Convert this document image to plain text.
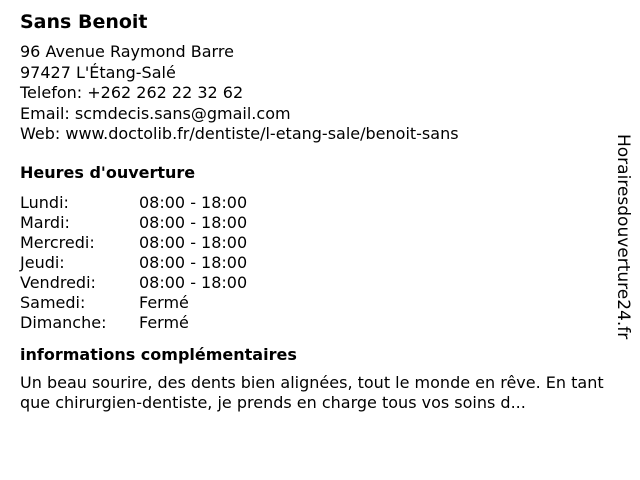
Sans Benoit
96 Avenue Raymond Barre
97427 L'Étang-Salé
Telefon: +262 262 22 32 62
Email: scmdecis.sans@gmail.com
Web: www.doctolib.fr/dentiste/l-etang-sale/benoit-sans
Heures d'ouverture
Lundi:	08:00 - 18:00
Mardi:	08:00 - 18:00
Mercredi:	08:00 - 18:00
Jeudi:	08:00 - 18:00
Vendredi:	08:00 - 18:00
Samedi:	Fermé
Dimanche:	Fermé
informations complémentaires
Un beau sourire, des dents bien alignées, tout le monde en rêve. En tant que chirurgien-dentiste, je prends en charge tous vos soins d...
Horairesdouverture24.fr
